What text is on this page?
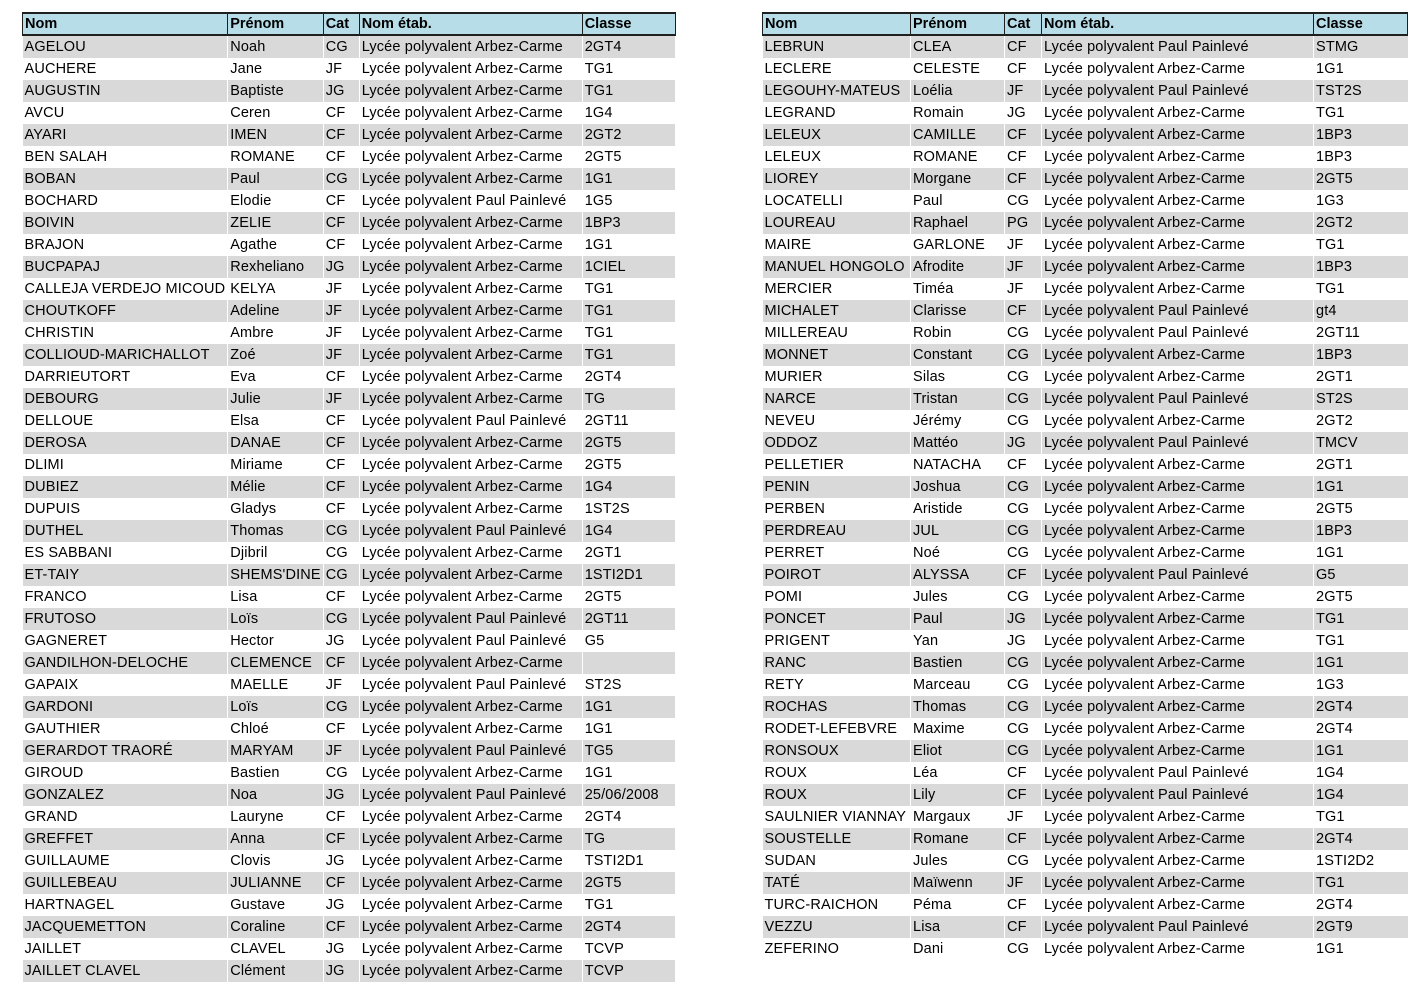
Nom	Prénom	Cat	Nom étab.	Classe
AGELOU	Noah	CG	Lycée polyvalent Arbez-Carme	2GT4
AUCHERE	Jane	JF	Lycée polyvalent Arbez-Carme	TG1
AUGUSTIN	Baptiste	JG	Lycée polyvalent Arbez-Carme	TG1
AVCU	Ceren	CF	Lycée polyvalent Arbez-Carme	1G4
AYARI	IMEN	CF	Lycée polyvalent Arbez-Carme	2GT2
BEN SALAH	ROMANE	CF	Lycée polyvalent Arbez-Carme	2GT5
BOBAN	Paul	CG	Lycée polyvalent Arbez-Carme	1G1
BOCHARD	Elodie	CF	Lycée polyvalent Paul Painlevé	1G5
BOIVIN	ZELIE	CF	Lycée polyvalent Arbez-Carme	1BP3
BRAJON	Agathe	CF	Lycée polyvalent Arbez-Carme	1G1
BUCPAPAJ	Rexheliano	JG	Lycée polyvalent Arbez-Carme	1CIEL
CALLEJA VERDEJO MICOUD	KELYA	JF	Lycée polyvalent Arbez-Carme	TG1
CHOUTKOFF	Adeline	JF	Lycée polyvalent Arbez-Carme	TG1
CHRISTIN	Ambre	JF	Lycée polyvalent Arbez-Carme	TG1
COLLIOUD-MARICHALLOT	Zoé	JF	Lycée polyvalent Arbez-Carme	TG1
DARRIEUTORT	Eva	CF	Lycée polyvalent Arbez-Carme	2GT4
DEBOURG	Julie	JF	Lycée polyvalent Arbez-Carme	TG
DELLOUE	Elsa	CF	Lycée polyvalent Paul Painlevé	2GT11
DEROSA	DANAE	CF	Lycée polyvalent Arbez-Carme	2GT5
DLIMI	Miriame	CF	Lycée polyvalent Arbez-Carme	2GT5
DUBIEZ	Mélie	CF	Lycée polyvalent Arbez-Carme	1G4
DUPUIS	Gladys	CF	Lycée polyvalent Arbez-Carme	1ST2S
DUTHEL	Thomas	CG	Lycée polyvalent Paul Painlevé	1G4
ES SABBANI	Djibril	CG	Lycée polyvalent Arbez-Carme	2GT1
ET-TAIY	SHEMS'DINE	CG	Lycée polyvalent Arbez-Carme	1STI2D1
FRANCO	Lisa	CF	Lycée polyvalent Arbez-Carme	2GT5
FRUTOSO	Loïs	CG	Lycée polyvalent Paul Painlevé	2GT11
GAGNERET	Hector	JG	Lycée polyvalent Paul Painlevé	G5
GANDILHON-DELOCHE	CLEMENCE	CF	Lycée polyvalent Arbez-Carme	
GAPAIX	MAELLE	JF	Lycée polyvalent Paul Painlevé	ST2S
GARDONI	Loïs	CG	Lycée polyvalent Arbez-Carme	1G1
GAUTHIER	Chloé	CF	Lycée polyvalent Arbez-Carme	1G1
GERARDOT TRAORÉ	MARYAM	JF	Lycée polyvalent Paul Painlevé	TG5
GIROUD	Bastien	CG	Lycée polyvalent Arbez-Carme	1G1
GONZALEZ	Noa	JG	Lycée polyvalent Paul Painlevé	25/06/2008
GRAND	Lauryne	CF	Lycée polyvalent Arbez-Carme	2GT4
GREFFET	Anna	CF	Lycée polyvalent Arbez-Carme	TG
GUILLAUME	Clovis	JG	Lycée polyvalent Arbez-Carme	TSTI2D1
GUILLEBEAU	JULIANNE	CF	Lycée polyvalent Arbez-Carme	2GT5
HARTNAGEL	Gustave	JG	Lycée polyvalent Arbez-Carme	TG1
JACQUEMETTON	Coraline	CF	Lycée polyvalent Arbez-Carme	2GT4
JAILLET	CLAVEL	JG	Lycée polyvalent Arbez-Carme	TCVP
JAILLET CLAVEL	Clément	JG	Lycée polyvalent Arbez-Carme	TCVP
Nom	Prénom	Cat	Nom étab.	Classe
LEBRUN	CLEA	CF	Lycée polyvalent Paul Painlevé	STMG
LECLERE	CELESTE	CF	Lycée polyvalent Arbez-Carme	1G1
LEGOUHY-MATEUS	Loélia	JF	Lycée polyvalent Paul Painlevé	TST2S
LEGRAND	Romain	JG	Lycée polyvalent Arbez-Carme	TG1
LELEUX	CAMILLE	CF	Lycée polyvalent Arbez-Carme	1BP3
LELEUX	ROMANE	CF	Lycée polyvalent Arbez-Carme	1BP3
LIOREY	Morgane	CF	Lycée polyvalent Arbez-Carme	2GT5
LOCATELLI	Paul	CG	Lycée polyvalent Arbez-Carme	1G3
LOUREAU	Raphael	PG	Lycée polyvalent Arbez-Carme	2GT2
MAIRE	GARLONE	JF	Lycée polyvalent Arbez-Carme	TG1
MANUEL HONGOLO	Afrodite	JF	Lycée polyvalent Arbez-Carme	1BP3
MERCIER	Timéa	JF	Lycée polyvalent Arbez-Carme	TG1
MICHALET	Clarisse	CF	Lycée polyvalent Paul Painlevé	gt4
MILLEREAU	Robin	CG	Lycée polyvalent Paul Painlevé	2GT11
MONNET	Constant	CG	Lycée polyvalent Arbez-Carme	1BP3
MURIER	Silas	CG	Lycée polyvalent Arbez-Carme	2GT1
NARCE	Tristan	CG	Lycée polyvalent Paul Painlevé	ST2S
NEVEU	Jérémy	CG	Lycée polyvalent Arbez-Carme	2GT2
ODDOZ	Mattéo	JG	Lycée polyvalent Paul Painlevé	TMCV
PELLETIER	NATACHA	CF	Lycée polyvalent Arbez-Carme	2GT1
PENIN	Joshua	CG	Lycée polyvalent Arbez-Carme	1G1
PERBEN	Aristide	CG	Lycée polyvalent Arbez-Carme	2GT5
PERDREAU	JUL	CG	Lycée polyvalent Arbez-Carme	1BP3
PERRET	Noé	CG	Lycée polyvalent Arbez-Carme	1G1
POIROT	ALYSSA	CF	Lycée polyvalent Paul Painlevé	G5
POMI	Jules	CG	Lycée polyvalent Arbez-Carme	2GT5
PONCET	Paul	JG	Lycée polyvalent Arbez-Carme	TG1
PRIGENT	Yan	JG	Lycée polyvalent Arbez-Carme	TG1
RANC	Bastien	CG	Lycée polyvalent Arbez-Carme	1G1
RETY	Marceau	CG	Lycée polyvalent Arbez-Carme	1G3
ROCHAS	Thomas	CG	Lycée polyvalent Arbez-Carme	2GT4
RODET-LEFEBVRE	Maxime	CG	Lycée polyvalent Arbez-Carme	2GT4
RONSOUX	Eliot	CG	Lycée polyvalent Arbez-Carme	1G1
ROUX	Léa	CF	Lycée polyvalent Paul Painlevé	1G4
ROUX	Lily	CF	Lycée polyvalent Paul Painlevé	1G4
SAULNIER VIANNAY	Margaux	JF	Lycée polyvalent Arbez-Carme	TG1
SOUSTELLE	Romane	CF	Lycée polyvalent Arbez-Carme	2GT4
SUDAN	Jules	CG	Lycée polyvalent Arbez-Carme	1STI2D2
TATÉ	Maïwenn	JF	Lycée polyvalent Arbez-Carme	TG1
TURC-RAICHON	Péma	CF	Lycée polyvalent Arbez-Carme	2GT4
VEZZU	Lisa	CF	Lycée polyvalent Paul Painlevé	2GT9
ZEFERINO	Dani	CG	Lycée polyvalent Arbez-Carme	1G1
